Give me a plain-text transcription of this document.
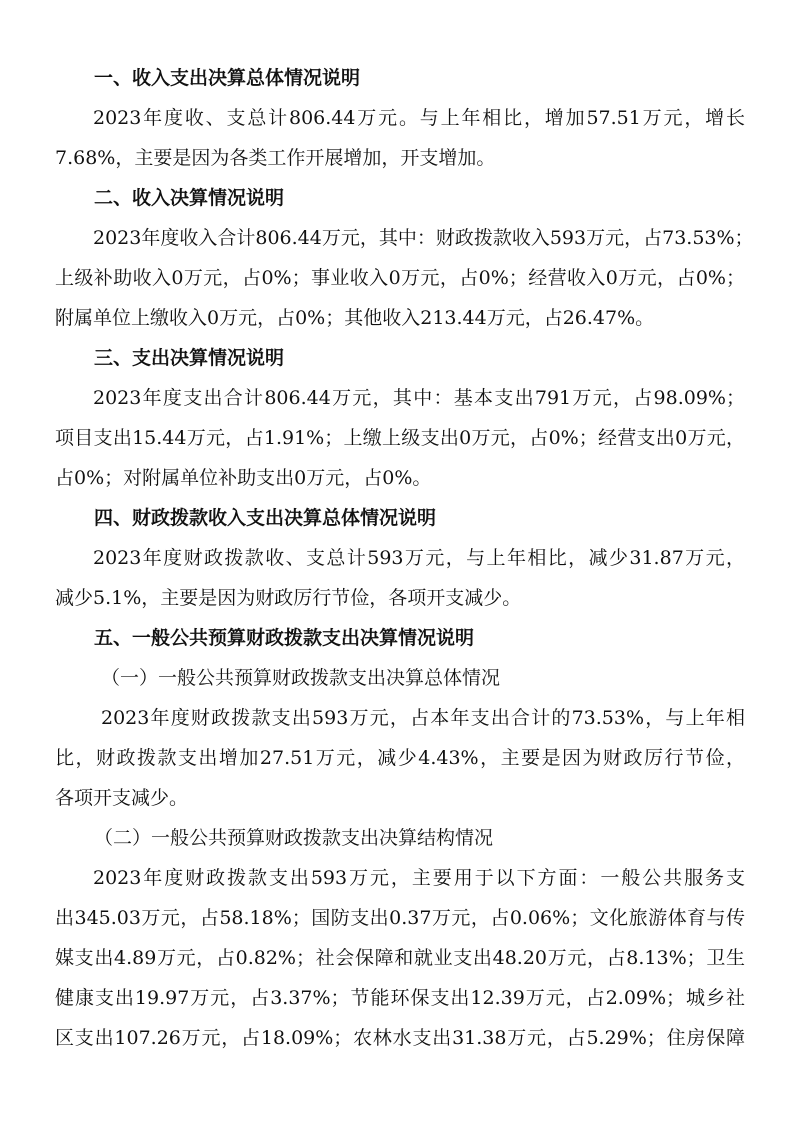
一、收入支出决算总体情况说明
2023年度收、支总计806.44万元。与上年相比，增加57.51万元，增长
7.68%，主要是因为各类工作开展增加，开支增加。
二、收入决算情况说明
2023年度收入合计806.44万元，其中：财政拨款收入593万元，占73.53%；
上级补助收入0万元，占0%；事业收入0万元，占0%；经营收入0万元，占0%；
附属单位上缴收入0万元，占0%；其他收入213.44万元，占26.47%。
三、支出决算情况说明
2023年度支出合计806.44万元，其中：基本支出791万元，占98.09%；
项目支出15.44万元，占1.91%；上缴上级支出0万元，占0%；经营支出0万元，
占0%；对附属单位补助支出0万元，占0%。
四、财政拨款收入支出决算总体情况说明
2023年度财政拨款收、支总计593万元，与上年相比，减少31.87万元，
减少5.1%，主要是因为财政厉行节俭，各项开支减少。
五、一般公共预算财政拨款支出决算情况说明
（一）一般公共预算财政拨款支出决算总体情况
2023年度财政拨款支出593万元，占本年支出合计的73.53%，与上年相
比，财政拨款支出增加27.51万元，减少4.43%，主要是因为财政厉行节俭，
各项开支减少。
（二）一般公共预算财政拨款支出决算结构情况
2023年度财政拨款支出593万元，主要用于以下方面：一般公共服务支
出345.03万元，占58.18%；国防支出0.37万元，占0.06%；文化旅游体育与传
媒支出4.89万元，占0.82%；社会保障和就业支出48.20万元，占8.13%；卫生
健康支出19.97万元，占3.37%；节能环保支出12.39万元，占2.09%；城乡社
区支出107.26万元，占18.09%；农林水支出31.38万元，占5.29%；住房保障
